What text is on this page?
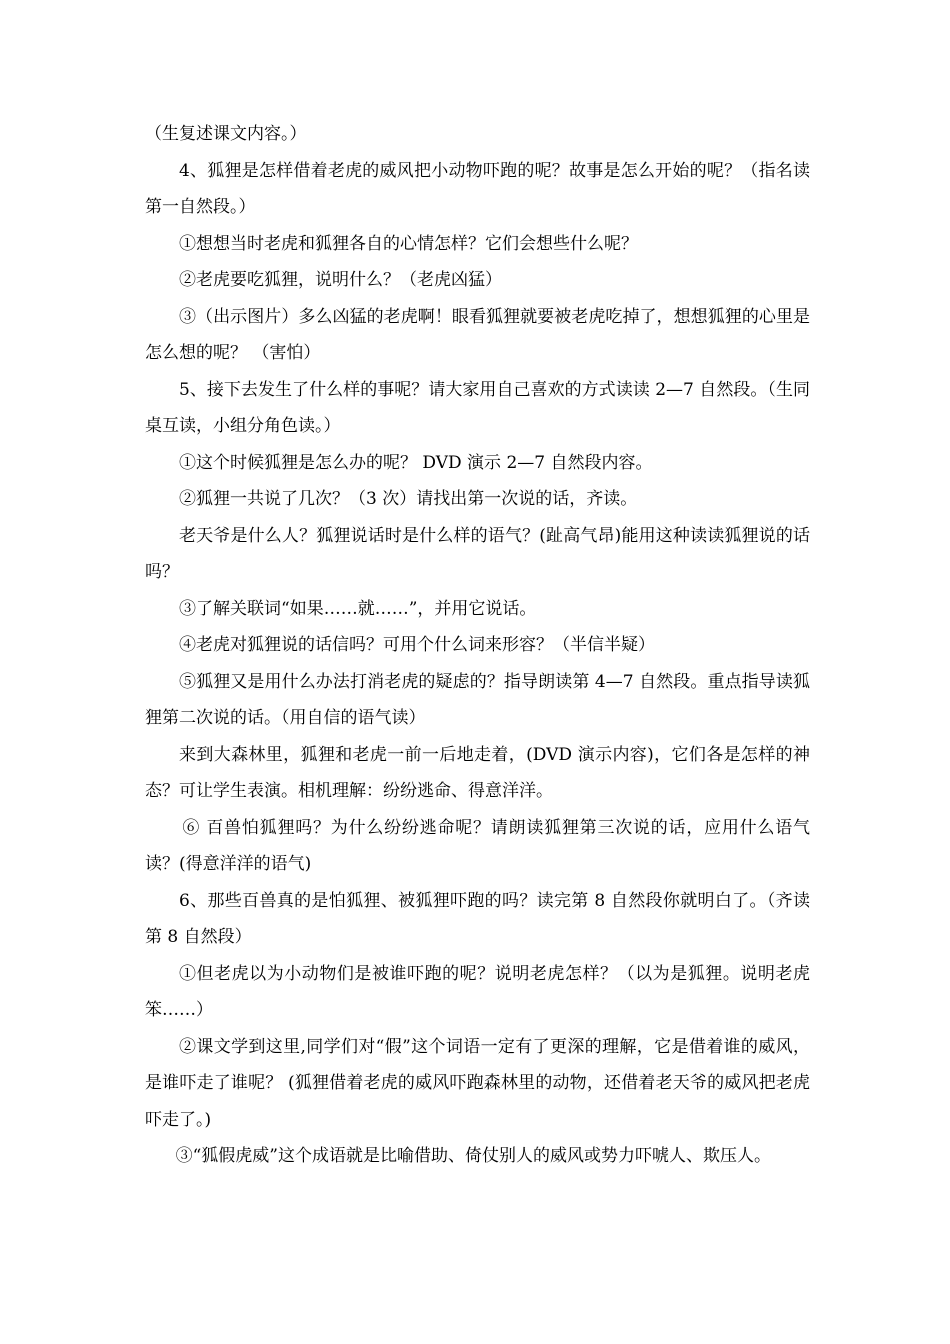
（生复述课文内容。）

4、狐狸是怎样借着老虎的威风把小动物吓跑的呢？故事是怎么开始的呢？（指名读第一自然段。）

①想想当时老虎和狐狸各自的心情怎样？它们会想些什么呢？

②老虎要吃狐狸，说明什么？（老虎凶猛）

③（出示图片）多么凶猛的老虎啊！眼看狐狸就要被老虎吃掉了，想想狐狸的心里是怎么想的呢？ （害怕）

5、接下去发生了什么样的事呢？请大家用自己喜欢的方式读读 2—7 自然段。（生同桌互读，小组分角色读。）

①这个时候狐狸是怎么办的呢？ DVD 演示 2—7 自然段内容。

②狐狸一共说了几次？（3 次）请找出第一次说的话，齐读。

老天爷是什么人？狐狸说话时是什么样的语气？(趾高气昂)能用这种读读狐狸说的话吗？

③了解关联词“如果……就……”，并用它说话。

④老虎对狐狸说的话信吗？可用个什么词来形容？（半信半疑）

⑤狐狸又是用什么办法打消老虎的疑虑的？指导朗读第 4—7 自然段。重点指导读狐狸第二次说的话。（用自信的语气读）

来到大森林里，狐狸和老虎一前一后地走着，(DVD 演示内容)，它们各是怎样的神态？可让学生表演。相机理解：纷纷逃命、得意洋洋。

⑥ 百兽怕狐狸吗？为什么纷纷逃命呢？请朗读狐狸第三次说的话，应用什么语气读？(得意洋洋的语气)

6、那些百兽真的是怕狐狸、被狐狸吓跑的吗？读完第 8 自然段你就明白了。（齐读第 8 自然段）

①但老虎以为小动物们是被谁吓跑的呢？说明老虎怎样？（以为是狐狸。说明老虎笨……）

②课文学到这里,同学们对“假”这个词语一定有了更深的理解，它是借着谁的威风，是谁吓走了谁呢？ (狐狸借着老虎的威风吓跑森林里的动物，还借着老天爷的威风把老虎吓走了。)

③“狐假虎威”这个成语就是比喻借助、倚仗别人的威风或势力吓唬人、欺压人。
